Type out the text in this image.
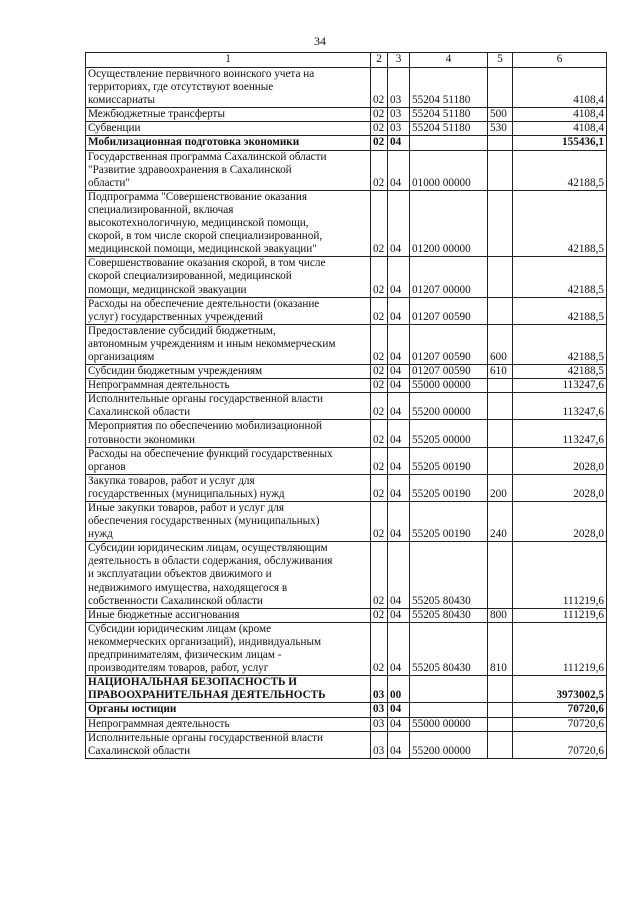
34
1	2	3	4	5	6
Осуществление первичного воинского учета на
территориях, где отсутствуют военные
комиссариаты	02	03	55204 51180		4108,4
Межбюджетные трансферты	02	03	55204 51180	500	4108,4
Субвенции	02	03	55204 51180	530	4108,4
Мобилизационная подготовка экономики	02	04			155436,1
Государственная программа Сахалинской области
"Развитие здравоохранения в Сахалинской
области"	02	04	01000 00000		42188,5
Подпрограмма "Совершенствование оказания
специализированной, включая
высокотехнологичную, медицинской помощи,
скорой, в том числе скорой специализированной,
медицинской помощи, медицинской эвакуации"	02	04	01200 00000		42188,5
Совершенствование оказания скорой, в том числе
скорой специализированной, медицинской
помощи, медицинской эвакуации	02	04	01207 00000		42188,5
Расходы на обеспечение деятельности (оказание
услуг) государственных учреждений	02	04	01207 00590		42188,5
Предоставление субсидий бюджетным,
автономным учреждениям и иным некоммерческим
организациям	02	04	01207 00590	600	42188,5
Субсидии бюджетным учреждениям	02	04	01207 00590	610	42188,5
Непрограммная деятельность	02	04	55000 00000		113247,6
Исполнительные органы государственной власти
Сахалинской области	02	04	55200 00000		113247,6
Мероприятия по обеспечению мобилизационной
готовности экономики	02	04	55205 00000		113247,6
Расходы на обеспечение функций государственных
органов	02	04	55205 00190		2028,0
Закупка товаров, работ и услуг для
государственных (муниципальных) нужд	02	04	55205 00190	200	2028,0
Иные закупки товаров, работ и услуг для
обеспечения государственных (муниципальных)
нужд	02	04	55205 00190	240	2028,0
Субсидии юридическим лицам, осуществляющим
деятельность в области содержания, обслуживания
и эксплуатации объектов движимого и
недвижимого имущества, находящегося в
собственности Сахалинской области	02	04	55205 80430		111219,6
Иные бюджетные ассигнования	02	04	55205 80430	800	111219,6
Субсидии юридическим лицам (кроме
некоммерческих организаций), индивидуальным
предпринимателям, физическим лицам -
производителям товаров, работ, услуг	02	04	55205 80430	810	111219,6
НАЦИОНАЛЬНАЯ БЕЗОПАСНОСТЬ И
ПРАВООХРАНИТЕЛЬНАЯ ДЕЯТЕЛЬНОСТЬ	03	00			3973002,5
Органы юстиции	03	04			70720,6
Непрограммная деятельность	03	04	55000 00000		70720,6
Исполнительные органы государственной власти
Сахалинской области	03	04	55200 00000		70720,6
